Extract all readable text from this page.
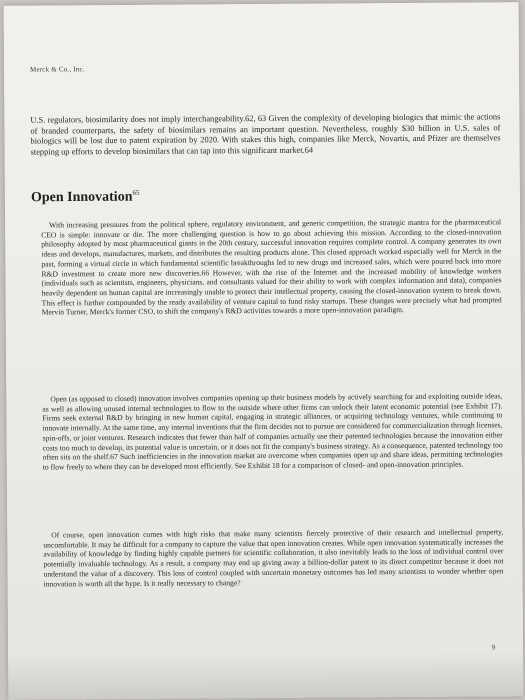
Merck & Co., Inc.

U.S. regulators, biosimilarity does not imply interchangeability.62, 63 Given the complexity of developing biologics that mimic the actions of branded counterparts, the safety of biosimilars remains an important question. Nevertheless, roughly $30 billion in U.S. sales of biologics will be lost due to patent expiration by 2020. With stakes this high, companies like Merck, Novartis, and Pfizer are themselves stepping up efforts to develop biosimilars that can tap into this significant market.64

Open Innovation$^{65}$

With increasing pressures from the political sphere, regulatory environment, and generic competition, the strategic mantra for the pharmaceutical CEO is simple: innovate or die. The more challenging question is how to go about achieving this mission. According to the closed-innovation philosophy adopted by most pharmaceutical giants in the 20th century, successful innovation requires complete control. A company generates its own ideas and develops, manufactures, markets, and distributes the resulting products alone. This closed approach worked especially well for Merck in the past, forming a virtual circle in which fundamental scientific breakthroughs led to new drugs and increased sales, which were poured back into more R&D investment to create more new discoveries.66 However, with the rise of the Internet and the increased mobility of knowledge workers (individuals such as scientists, engineers, physicians, and consultants valued for their ability to work with complex information and data), companies heavily dependent on human capital are increasingly unable to protect their intellectual property, causing the closed-innovation system to break down. This effect is further compounded by the ready availability of venture capital to fund risky startups. These changes were precisely what had prompted Mervin Turner, Merck's former CSO, to shift the company's R&D activities towards a more open-innovation paradigm.

Open (as opposed to closed) innovation involves companies opening up their business models by actively searching for and exploiting outside ideas, as well as allowing unused internal technologies to flow to the outside where other firms can unlock their latent economic potential (see Exhibit 17). Firms seek external R&D by bringing in new human capital, engaging in strategic alliances, or acquiring technology ventures, while continuing to innovate internally. At the same time, any internal inventions that the firm decides not to pursue are considered for commercialization through licenses, spin-offs, or joint ventures. Research indicates that fewer than half of companies actually use their patented technologies because the innovation either costs too much to develop, its potential value is uncertain, or it does not fit the company's business strategy. As a consequence, patented technology too often sits on the shelf.67 Such inefficiencies in the innovation market are overcome when companies open up and share ideas, permitting technologies to flow freely to where they can be developed most efficiently. See Exhibit 18 for a comparison of closed- and open-innovation principles.

Of course, open innovation comes with high risks that make many scientists fiercely protective of their research and intellectual property, uncomfortable. It may be difficult for a company to capture the value that open innovation creates. While open innovation systematically increases the availability of knowledge by finding highly capable partners for scientific collaboration, it also inevitably leads to the loss of individual control over potentially invaluable technology. As a result, a company may end up giving away a billion-dollar patent to its direct competitor because it does not understand the value of a discovery. This loss of control coupled with uncertain monetary outcomes has led many scientists to wonder whether open innovation is worth all the hype. Is it really necessary to change?

9
